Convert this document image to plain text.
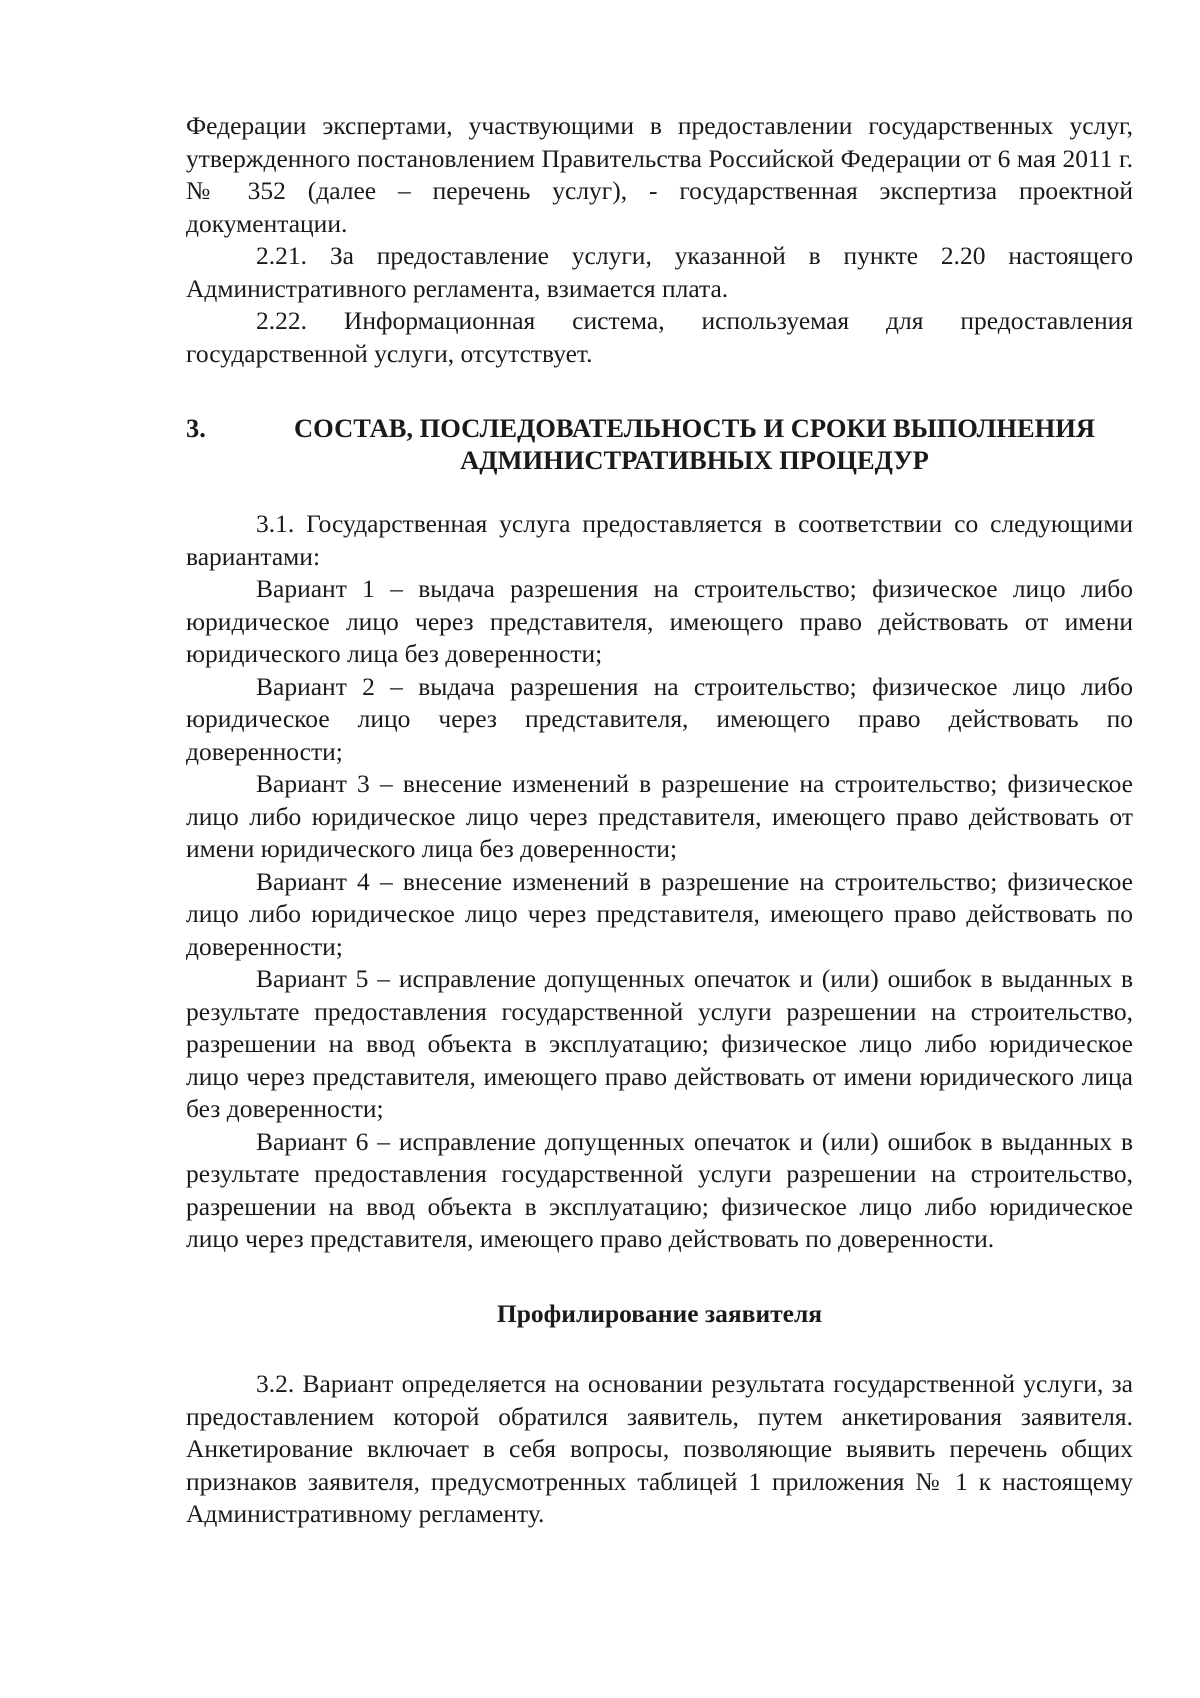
Федерации экспертами, участвующими в предоставлении государственных услуг, утвержденного постановлением Правительства Российской Федерации от 6 мая 2011 г. № 352 (далее – перечень услуг), - государственная экспертиза проектной документации.

2.21. За предоставление услуги, указанной в пункте 2.20 настоящего Административного регламента, взимается плата.

2.22. Информационная система, используемая для предоставления государственной услуги, отсутствует.

3.	СОСТАВ, ПОСЛЕДОВАТЕЛЬНОСТЬ И СРОКИ ВЫПОЛНЕНИЯ АДМИНИСТРАТИВНЫХ ПРОЦЕДУР

3.1. Государственная услуга предоставляется в соответствии со следующими вариантами:

Вариант 1 – выдача разрешения на строительство; физическое лицо либо юридическое лицо через представителя, имеющего право действовать от имени юридического лица без доверенности;

Вариант 2 – выдача разрешения на строительство; физическое лицо либо юридическое лицо через представителя, имеющего право действовать по доверенности;

Вариант 3 – внесение изменений в разрешение на строительство; физическое лицо либо юридическое лицо через представителя, имеющего право действовать от имени юридического лица без доверенности;

Вариант 4 – внесение изменений в разрешение на строительство; физическое лицо либо юридическое лицо через представителя, имеющего право действовать по доверенности;

Вариант 5 – исправление допущенных опечаток и (или) ошибок в выданных в результате предоставления государственной услуги разрешении на строительство, разрешении на ввод объекта в эксплуатацию; физическое лицо либо юридическое лицо через представителя, имеющего право действовать от имени юридического лица без доверенности;

Вариант 6 – исправление допущенных опечаток и (или) ошибок в выданных в результате предоставления государственной услуги разрешении на строительство, разрешении на ввод объекта в эксплуатацию; физическое лицо либо юридическое лицо через представителя, имеющего право действовать по доверенности.

Профилирование заявителя

3.2. Вариант определяется на основании результата государственной услуги, за предоставлением которой обратился заявитель, путем анкетирования заявителя. Анкетирование включает в себя вопросы, позволяющие выявить перечень общих признаков заявителя, предусмотренных таблицей 1 приложения № 1 к настоящему Административному регламенту.
